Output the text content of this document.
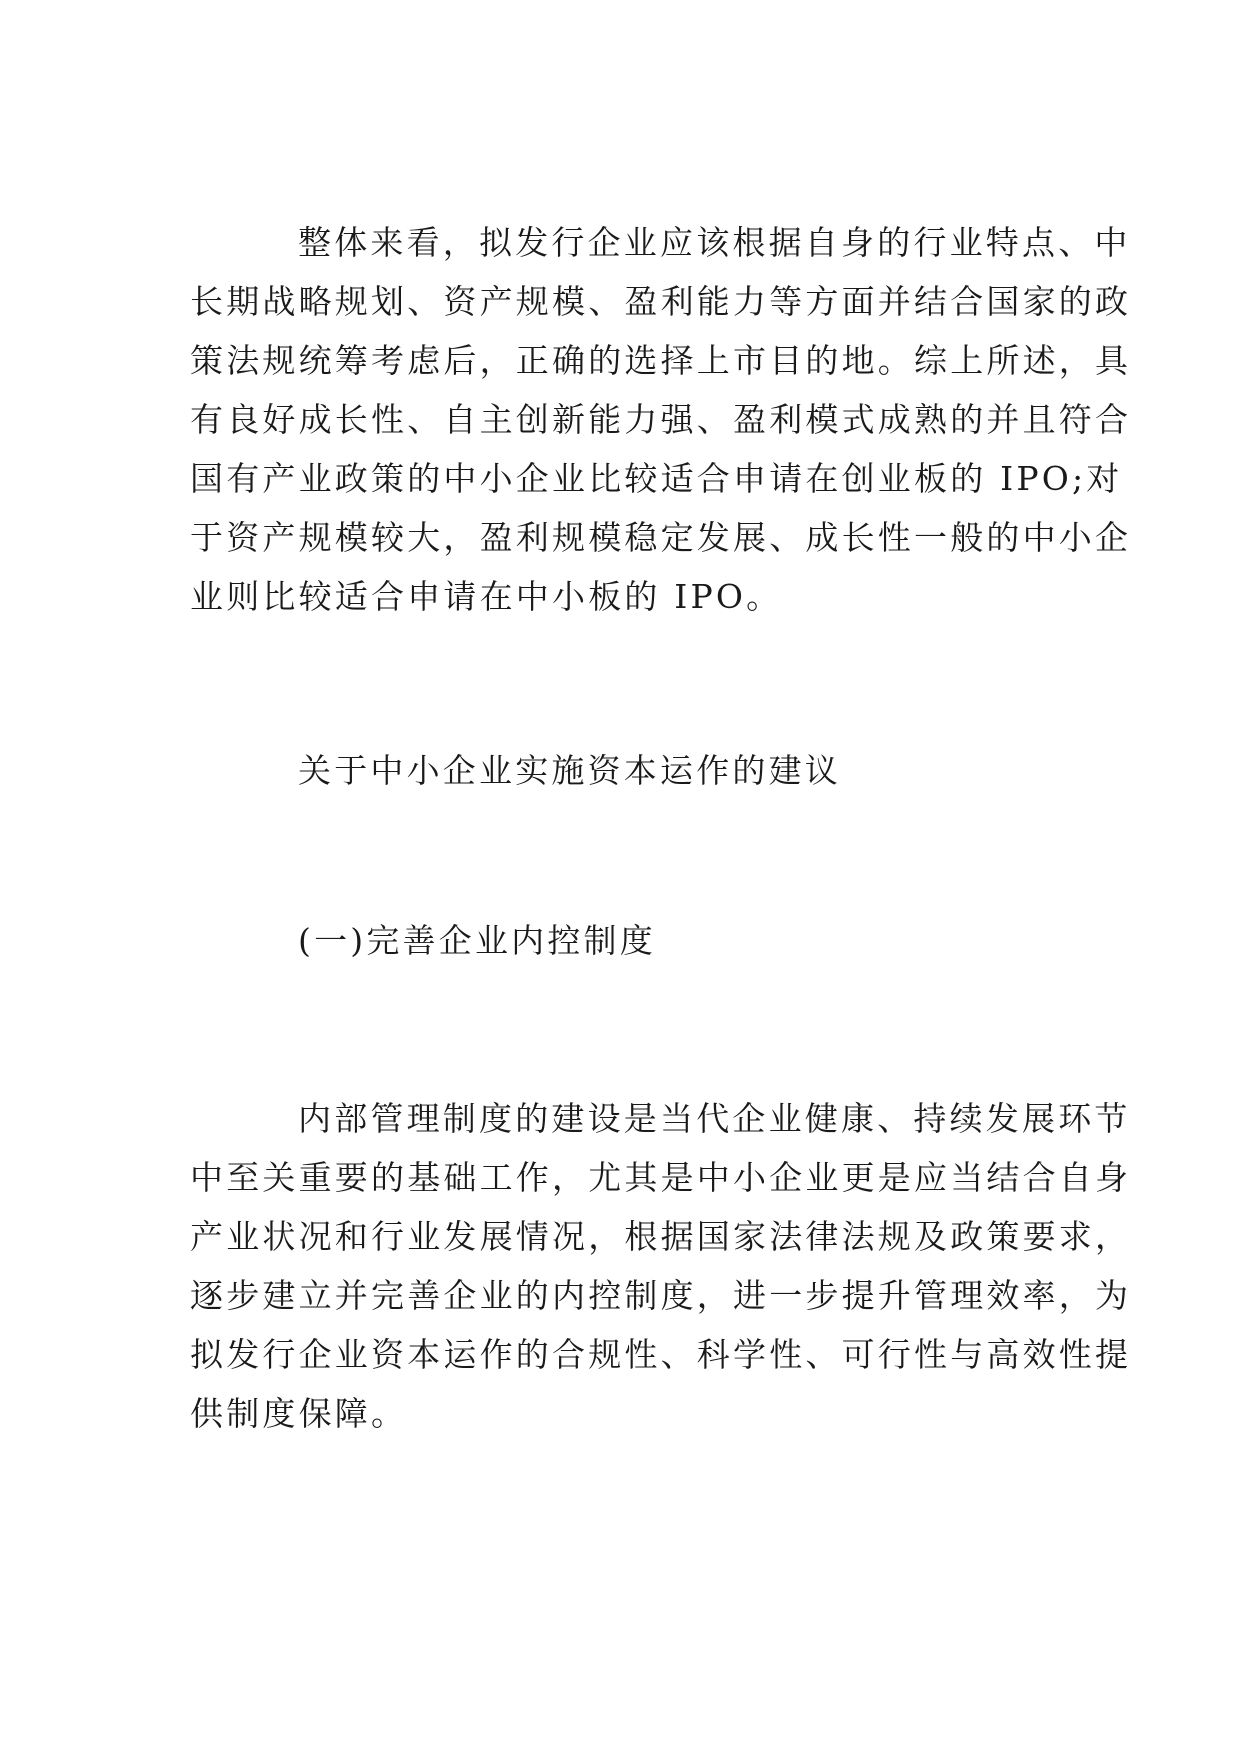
整体来看，拟发行企业应该根据自身的行业特点、中
长期战略规划、资产规模、盈利能力等方面并结合国家的政
策法规统筹考虑后，正确的选择上市目的地。综上所述，具
有良好成长性、自主创新能力强、盈利模式成熟的并且符合
国有产业政策的中小企业比较适合申请在创业板的 IPO;对
于资产规模较大，盈利规模稳定发展、成长性一般的中小企
业则比较适合申请在中小板的 IPO。
关于中小企业实施资本运作的建议
(一)完善企业内控制度
内部管理制度的建设是当代企业健康、持续发展环节
中至关重要的基础工作，尤其是中小企业更是应当结合自身
产业状况和行业发展情况，根据国家法律法规及政策要求，
逐步建立并完善企业的内控制度，进一步提升管理效率，为
拟发行企业资本运作的合规性、科学性、可行性与高效性提
供制度保障。
